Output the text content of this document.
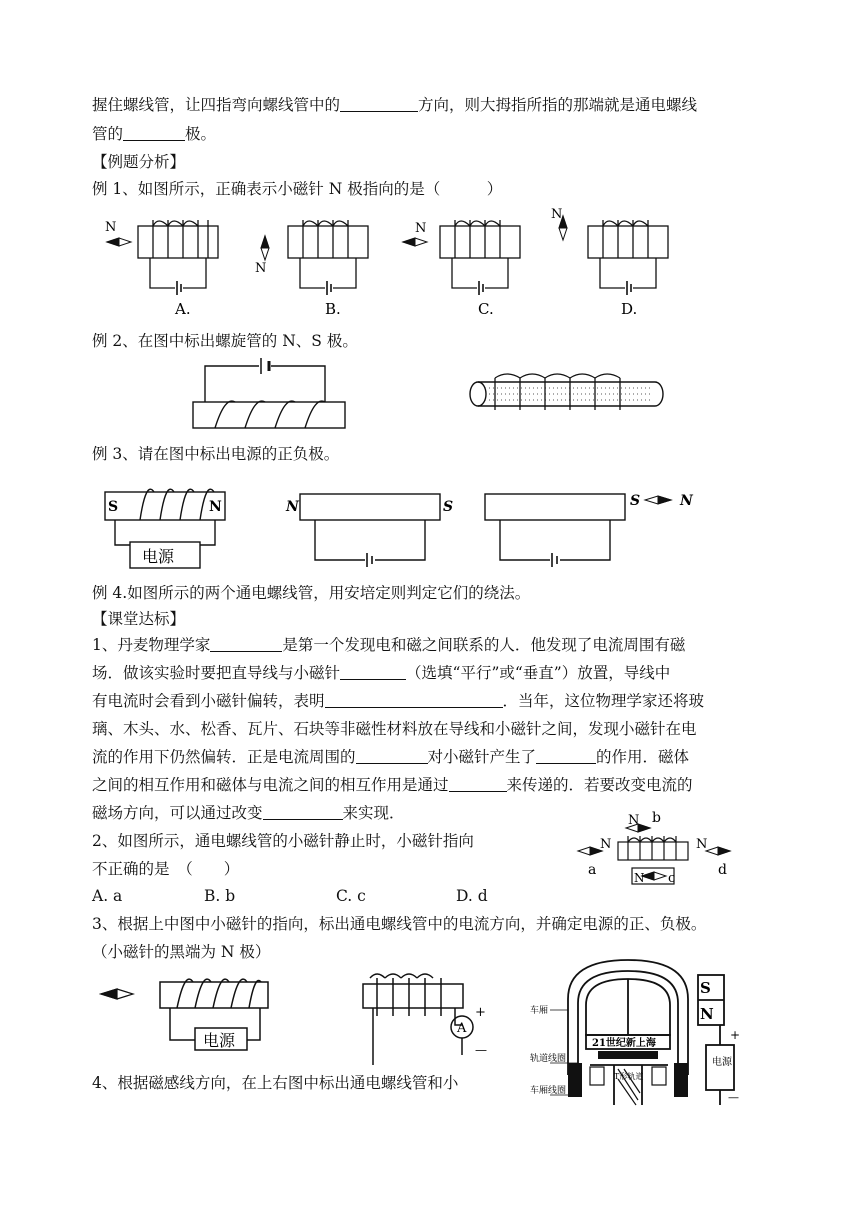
握住螺线管，让四指弯向螺线管中的	方向，则大拇指所指的那端就是通电螺线
管的	极。
【例题分析】
例 1、如图所示，正确表示小磁针 N 极指向的是（　　　）
N
N
N
N
A.	B.	C.	D.
例 2、在图中标出螺旋管的 N、S 极。
例 3、请在图中标出电源的正负极。
S	N
电源
N	S	S	N
例 4.如图所示的两个通电螺线管，用安培定则判定它们的绕法。
【课堂达标】
1、丹麦物理学家	是第一个发现电和磁之间联系的人．他发现了电流周围有磁
场．做该实验时要把直导线与小磁针	（选填“平行”或“垂直”）放置，导线中
有电流时会看到小磁针偏转，表明	．当年，这位物理学家还将玻
璃、木头、水、松香、瓦片、石块等非磁性材料放在导线和小磁针之间，发现小磁针在电
流的作用下仍然偏转．正是电流周围的	对小磁针产生了	的作用．磁体
之间的相互作用和磁体与电流之间的相互作用是通过	来传递的．若要改变电流的
磁场方向，可以通过改变	来实现．
2、如图所示，通电螺线管的小磁针静止时，小磁针指向
不正确的是　（　　）
A. a	B. b	C. c	D. d
N
a
N b
N c
N
d
3、根据上中图中小磁针的指向，标出通电螺线管中的电流方向，并确定电源的正、负极。
（小磁针的黑端为 N 极）
电源
A
+
—
4、根据磁感线方向，在上右图中标出通电螺线管和小
S
N
21世纪新上海
车厢
轨道线圈
车厢线圈
T形轨道
电源
+
—
